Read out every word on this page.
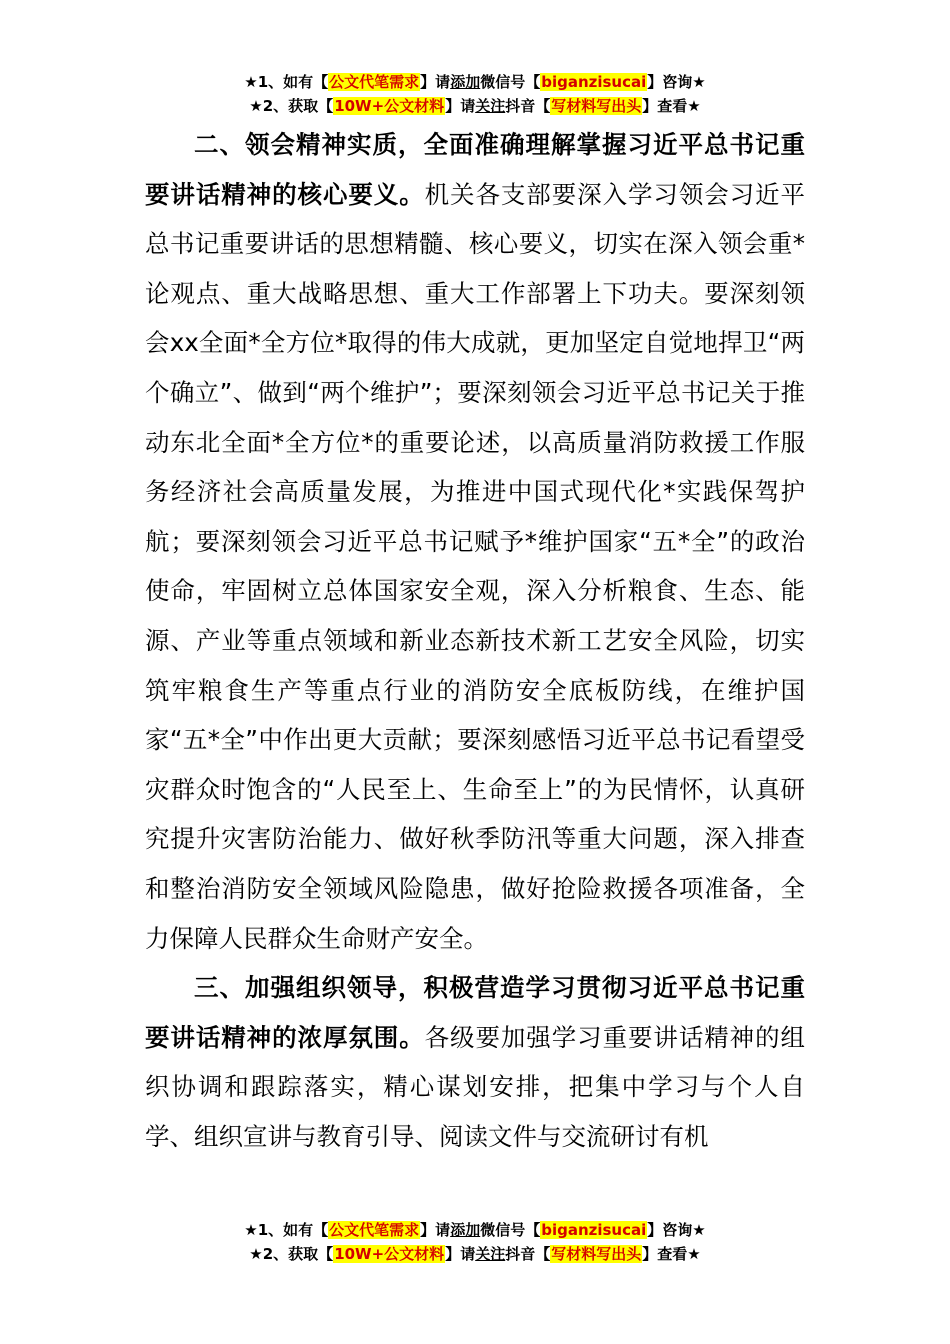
★1、如有【公文代笔需求】请添加微信号【biganzisucai】咨询★
★2、获取【10W+公文材料】请关注抖音【写材料写出头】查看★

二、领会精神实质，全面准确理解掌握习近平总书记重要讲话精神的核心要义。机关各支部要深入学习领会习近平总书记重要讲话的思想精髓、核心要义，切实在深入领会重*论观点、重大战略思想、重大工作部署上下功夫。要深刻领会xx全面*全方位*取得的伟大成就，更加坚定自觉地捍卫“两个确立”、做到“两个维护”；要深刻领会习近平总书记关于推动东北全面*全方位*的重要论述，以高质量消防救援工作服务经济社会高质量发展，为推进中国式现代化*实践保驾护航；要深刻领会习近平总书记赋予*维护国家“五*全”的政治使命，牢固树立总体国家安全观，深入分析粮食、生态、能源、产业等重点领域和新业态新技术新工艺安全风险，切实筑牢粮食生产等重点行业的消防安全底板防线，在维护国家“五*全”中作出更大贡献；要深刻感悟习近平总书记看望受灾群众时饱含的“人民至上、生命至上”的为民情怀，认真研究提升灾害防治能力、做好秋季防汛等重大问题，深入排查和整治消防安全领域风险隐患，做好抢险救援各项准备，全力保障人民群众生命财产安全。

三、加强组织领导，积极营造学习贯彻习近平总书记重要讲话精神的浓厚氛围。各级要加强学习重要讲话精神的组织协调和跟踪落实，精心谋划安排，把集中学习与个人自学、组织宣讲与教育引导、阅读文件与交流研讨有机

★1、如有【公文代笔需求】请添加微信号【biganzisucai】咨询★
★2、获取【10W+公文材料】请关注抖音【写材料写出头】查看★
